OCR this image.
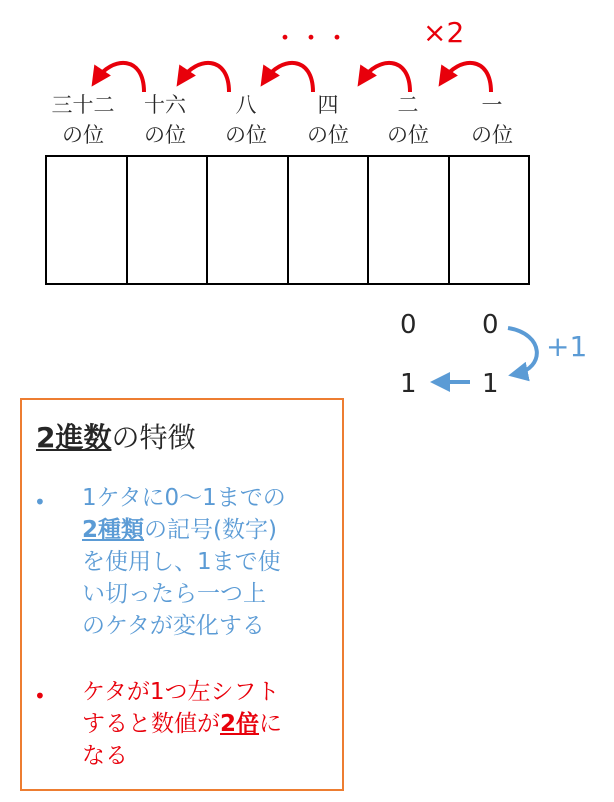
・・・	×2
三十二
の位
十六
の位
八
の位
四
の位
二
の位
一
の位
0	0
1	1
+1
2進数の特徴
• 1ケタに0〜1までの
2種類の記号(数字)
を使用し、1まで使
い切ったら一つ上
のケタが変化する
• ケタが1つ左シフト
すると数値が2倍に
なる
